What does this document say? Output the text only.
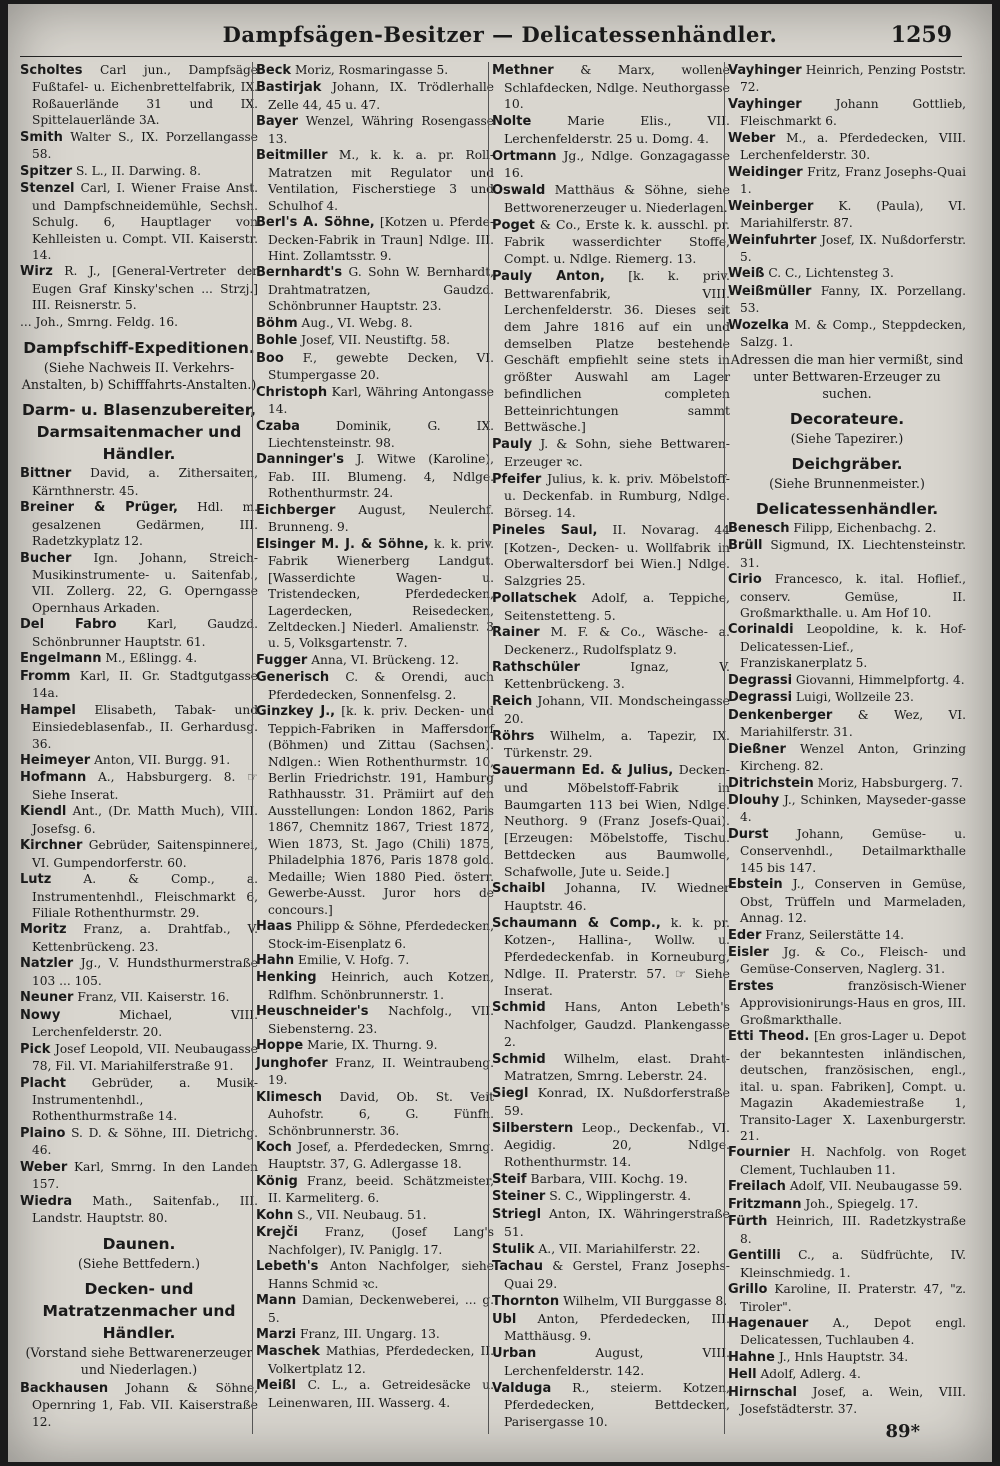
Dampfsägen-Besitzer — Delicatessenhändler.	1259

Scholtes Carl jun., Dampfsäge Fußtafel- u. Eichenbrettelfabrik, IX. Roßauerlände 31 und IX. Spittelauerlände 3A.

Smith Walter S., IX. Porzellangasse 58.

Spitzer S. L., II. Darwing. 8.

Stenzel Carl, I. Wiener Fraise Anst. und Dampfschneidemühle, Sechsh. Schulg. 6, Hauptlager von Kehlleisten u. Compt. VII. Kaiserstr. 14.

Wirz R. J., [General-Vertreter der Eugen Graf Kinsky'schen ... Strzj.] III. Reisnerstr. 5.

... Joh., Smrng. Feldg. 16.

Dampfschiff-Expeditionen.
(Siehe Nachweis II. Verkehrs-Anstalten, b) Schifffahrts-Anstalten.)
Darm- u. Blasenzubereiter, Darmsaitenmacher und Händler.

Bittner David, a. Zithersaiten, Kärnthnerstr. 45.

Breiner & Prüger, Hdl. m. gesalzenen Gedärmen, III. Radetzkyplatz 12.

Bucher Ign. Johann, Streich-Musikinstrumente- u. Saitenfab., VII. Zollerg. 22, G. Operngasse Opernhaus Arkaden.

Del Fabro Karl, Gaudzd. Schönbrunner Hauptstr. 61.

Engelmann M., Eßlingg. 4.

Fromm Karl, II. Gr. Stadtgutgasse 14a.

Hampel Elisabeth, Tabak- und Einsiedeblasenfab., II. Gerhardusg. 36.

Heimeyer Anton, VII. Burgg. 91.

Hofmann A., Habsburgerg. 8. ☞ Siehe Inserat.

Kiendl Ant., (Dr. Matth Much), VIII. Josefsg. 6.

Kirchner Gebrüder, Saitenspinnerei, VI. Gumpendorferstr. 60.

Lutz	A. & Comp., a. Instrumentenhdl., Fleischmarkt 6, Filiale Rothenthurmstr. 29.

Moritz Franz, a. Drahtfab., V. Kettenbrückeng. 23.

Natzler Jg., V. Hundsthurmerstraße 103 ... 105.

Neuner Franz, VII. Kaiserstr. 16.

Nowy	Michael, VIII. Lerchenfelderstr. 20.

Pick Josef Leopold, VII. Neubaugasse 78, Fil. VI. Mariahilferstraße 91.

Placht Gebrüder, a. Musik-Instrumentenhdl., Rothenthurmstraße 14.

Plaino S. D. & Söhne, III. Dietrichg. 46.

Weber Karl, Smrng. In den Landen 157.

Wiedra Math., Saitenfab., III. Landstr. Hauptstr. 80.

Daunen.
(Siehe Bettfedern.)
Decken- und Matratzenmacher und Händler.
(Vorstand siehe Bettwarenerzeuger und Niederlagen.)

Backhausen Johann & Söhne, Opernring 1, Fab. VII. Kaiserstraße 12.

Beck Moriz, Rosmaringasse 5.

Bastirjak Johann, IX. Trödlerhalle Zelle 44, 45 u. 47.

Bayer Wenzel, Währing Rosengasse 13.

Beitmiller M., k. k. a. pr. Roll-Matratzen mit Regulator und Ventilation, Fischerstiege 3 und Schulhof 4.

Berl's A. Söhne, [Kotzen u. Pferde-Decken-Fabrik in Traun] Ndlge. III. Hint. Zollamtsstr. 9.

Bernhardt's G. Sohn W. Bernhardt, Drahtmatratzen, Gaudzd. Schönbrunner Hauptstr. 23.

Böhm Aug., VI. Webg. 8.

Bohle Josef, VII. Neustiftg. 58.

Boo F., gewebte Decken, VI. Stumpergasse 20.

Christoph Karl, Währing Antongasse 14.

Czaba	Dominik, G. IX. Liechtensteinstr. 98.

Danninger's J. Witwe (Karoline), Fab. III. Blumeng. 4, Ndlge. Rothenthurmstr. 24.

Eichberger August, Neulerchf. Brunneng. 9.

Elsinger M. J. & Söhne, k. k. priv. Fabrik Wienerberg Landgut. [Wasserdichte Wagen- u. Tristendecken, Pferdedecken, Lagerdecken, Reisedecken, Zeltdecken.] Niederl. Amalienstr. 3 u. 5, Volksgartenstr. 7.

Fugger Anna, VI. Brückeng. 12.

Generisch C. & Orendi, auch Pferdedecken, Sonnenfelsg. 2.

Ginzkey J., [k. k. priv. Decken- und Teppich-Fabriken in Maffersdorf (Böhmen) und Zittau (Sachsen). Ndlgen.: Wien Rothenthurmstr. 10, Berlin Friedrichstr. 191, Hamburg Rathhausstr. 31. Prämiirt auf den Ausstellungen: London 1862, Paris 1867, Chemnitz 1867, Triest 1872, Wien 1873, St. Jago (Chili) 1875, Philadelphia 1876, Paris 1878 gold. Medaille; Wien 1880 Pied. österr. Gewerbe-Ausst. Juror hors de concours.]

Haas Philipp & Söhne, Pferdedecken, Stock-im-Eisenplatz 6.

Hahn Emilie, V. Hofg. 7.

Henking Heinrich, auch Kotzen, Rdlfhm. Schönbrunnerstr. 1.

Heuschneider's Nachfolg., VII. Siebensterng. 23.

Hoppe Marie, IX. Thurng. 9.

Junghofer Franz, II. Weintraubeng. 19.

Klimesch David, Ob. St. Veit Auhofstr. 6, G. Fünfh. Schönbrunnerstr. 36.

Koch Josef, a. Pferdedecken, Smrng. Hauptstr. 37, G. Adlergasse 18.

König Franz, beeid. Schätzmeister, II. Karmeliterg. 6.

Kohn S., VII. Neubaug. 51.

Krejči Franz, (Josef Lang's Nachfolger), IV. Paniglg. 17.

Lebeth's Anton Nachfolger, siehe Hanns Schmid ꝛc.

Mann Damian, Deckenweberei, ... g. 5.

Marzi Franz, III. Ungarg. 13.

Maschek Mathias, Pferdedecken, II. Volkertplatz 12.

Meißl C. L., a. Getreidesäcke u. Leinenwaren, III. Wasserg. 4.

Methner & Marx, wollene Schlafdecken, Ndlge. Neuthorgasse 10.

Nolte	Marie Elis., VII. Lerchenfelderstr. 25 u. Domg. 4.

Ortmann Jg., Ndlge. Gonzagagasse 16.

Oswald Matthäus & Söhne, siehe Bettworenerzeuger u. Niederlagen.

Poget & Co., Erste k. k. ausschl. pr. Fabrik wasserdichter Stoffe, Compt. u. Ndlge. Riemerg. 13.

Pauly Anton, [k. k. priv. Bettwarenfabrik, VIII. Lerchenfelderstr. 36. Dieses seit dem Jahre 1816 auf ein und demselben Platze bestehende Geschäft empfiehlt seine stets in größter Auswahl am Lager befindlichen completen Betteinrichtungen sammt Bettwäsche.]

Pauly J. & Sohn, siehe Bettwaren-Erzeuger ꝛc.

Pfeifer Julius, k. k. priv. Möbelstoff- u. Deckenfab. in Rumburg, Ndlge. Börseg. 14.

Pineles Saul, II. Novarag. 44 [Kotzen-, Decken- u. Wollfabrik in Oberwaltersdorf bei Wien.] Ndlge. Salzgries 25.

Pollatschek Adolf, a. Teppiche, Seitenstetteng. 5.

Rainer M. F. & Co., Wäsche- a. Deckenerz., Rudolfsplatz 9.

Rathschüler	Ignaz, V. Kettenbrückeng. 3.

Reich Johann, VII. Mondscheingasse 20.

Röhrs Wilhelm, a. Tapezir, IX. Türkenstr. 29.

Sauermann Ed. & Julius, Decken- und Möbelstoff-Fabrik in Baumgarten 113 bei Wien, Ndlge. Neuthorg. 9 (Franz Josefs-Quai). [Erzeugen: Möbelstoffe, Tischu. Bettdecken aus Baumwolle, Schafwolle, Jute u. Seide.]

Schaibl Johanna, IV. Wiedner Hauptstr. 46.

Schaumann & Comp., k. k. pr. Kotzen-, Hallina-, Wollw. u. Pferdedeckenfab. in Korneuburg, Ndlge. II. Praterstr. 57. ☞ Siehe Inserat.

Schmid Hans, Anton Lebeth's Nachfolger, Gaudzd. Plankengasse 2.

Schmid Wilhelm, elast. Draht-Matratzen, Smrng. Leberstr. 24.

Siegl Konrad, IX. Nußdorferstraße 59.

Silberstern Leop., Deckenfab., VI. Aegidig. 20, Ndlge. Rothenthurmstr. 14.

Steif Barbara, VIII. Kochg. 19.

Steiner S. C., Wipplingerstr. 4.

Striegl Anton, IX. Währingerstraße 51.

Stulik A., VII. Mariahilferstr. 22.

Tachau & Gerstel, Franz Josephs-Quai 29.

Thornton Wilhelm, VII Burggasse 8.

Ubl Anton, Pferdedecken, III. Matthäusg. 9.

Urban	August, VIII. Lerchenfelderstr. 142.

Valduga R., steierm. Kotzen, Pferdedecken, Bettdecken, Parisergasse 10.

Vayhinger Heinrich, Penzing Poststr. 72.

Vayhinger	Johann Gottlieb, Fleischmarkt 6.

Weber M., a. Pferdedecken, VIII. Lerchenfelderstr. 30.

Weidinger Fritz, Franz Josephs-Quai 1.

Weinberger K. (Paula), VI. Mariahilferstr. 87.

Weinfuhrter Josef, IX. Nußdorferstr. 5.

Weiß C. C., Lichtensteg 3.

Weißmüller Fanny, IX. Porzellang. 53.

Wozelka M. & Comp., Steppdecken, Salzg. 1.

Adressen die man hier vermißt, sind unter Bettwaren-Erzeuger zu suchen.
Decorateure.
(Siehe Tapezirer.)
Deichgräber.
(Siehe Brunnenmeister.)
Delicatessenhändler.

Benesch Filipp, Eichenbachg. 2.

Brüll Sigmund, IX. Liechtensteinstr. 31.

Cirio Francesco, k. ital. Hoflief., conserv. Gemüse, II. Großmarkthalle. u. Am Hof 10.

Corinaldi Leopoldine, k. k. Hof-Delicatessen-Lief., Franziskanerplatz 5.

Degrassi Giovanni, Himmelpfortg. 4.

Degrassi Luigi, Wollzeile 23.

Denkenberger & Wez, VI. Mariahilferstr. 31.

Dießner Wenzel Anton, Grinzing Kircheng. 82.

Ditrichstein Moriz, Habsburgerg. 7.

Dlouhy J., Schinken, Mayseder-gasse 4.

Durst Johann, Gemüse- u. Conservenhdl., Detailmarkthalle 145 bis 147.

Ebstein J., Conserven in Gemüse, Obst, Trüffeln und Marmeladen, Annag. 12.

Eder Franz, Seilerstätte 14.

Eisler Jg. & Co., Fleisch- und Gemüse-Conserven, Naglerg. 31.

Erstes	französisch-Wiener Approvisionirungs-Haus en gros, III. Großmarkthalle.

Etti Theod. [En gros-Lager u. Depot der bekanntesten inländischen, deutschen, französischen, engl., ital. u. span. Fabriken], Compt. u. Magazin Akademiestraße 1, Transito-Lager X. Laxenburgerstr. 21.

Fournier H. Nachfolg. von Roget Clement, Tuchlauben 11.

Freilach Adolf, VII. Neubaugasse 59.

Fritzmann Joh., Spiegelg. 17.

Fürth Heinrich, III. Radetzkystraße 8.

Gentilli C., a. Südfrüchte, IV. Kleinschmiedg. 1.

Grillo Karoline, II. Praterstr. 47, "z. Tiroler".

Hagenauer A., Depot engl. Delicatessen, Tuchlauben 4.

Hahne J., Hnls Hauptstr. 34.

Hell Adolf, Adlerg. 4.

Hirnschal Josef, a. Wein, VIII. Josefstädterstr. 37.

89*
